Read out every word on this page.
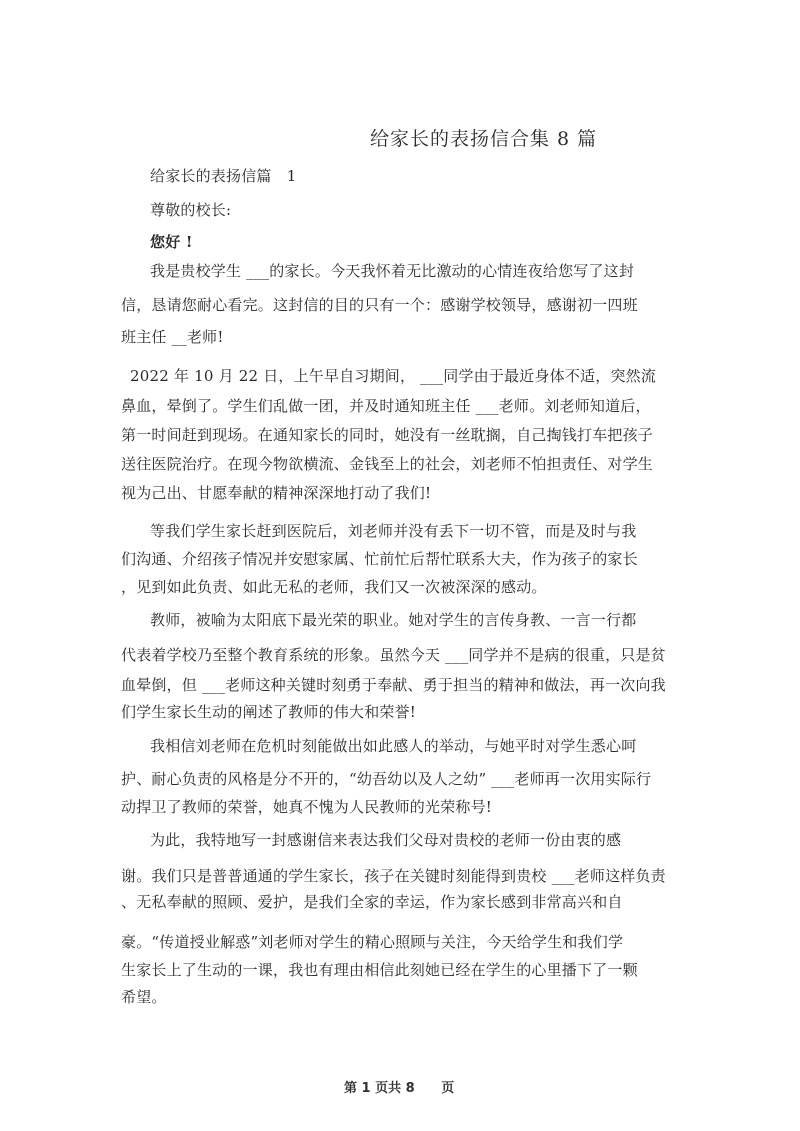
给家长的表扬信合集 8 篇
给家长的表扬信篇　1
尊敬的校长:
您好 !
我是贵校学生 ___的家长。今天我怀着无比激动的心情连夜给您写了这封
信，恳请您耐心看完。这封信的目的只有一个：感谢学校领导，感谢初一四班
班主任 __老师!
2022 年 10 月 22 日，上午早自习期间， ___同学由于最近身体不适，突然流
鼻血，晕倒了。学生们乱做一团，并及时通知班主任 ___老师。刘老师知道后，
第一时间赶到现场。在通知家长的同时，她没有一丝耽搁，自己掏钱打车把孩子
送往医院治疗。在现今物欲横流、金钱至上的社会，刘老师不怕担责任、对学生
视为己出、甘愿奉献的精神深深地打动了我们!
等我们学生家长赶到医院后，刘老师并没有丢下一切不管，而是及时与我
们沟通、介绍孩子情况并安慰家属、忙前忙后帮忙联系大夫，作为孩子的家长
，见到如此负责、如此无私的老师，我们又一次被深深的感动。
教师，被喻为太阳底下最光荣的职业。她对学生的言传身教、一言一行都
代表着学校乃至整个教育系统的形象。虽然今天 ___同学并不是病的很重，只是贫
血晕倒，但 ___老师这种关键时刻勇于奉献、勇于担当的精神和做法，再一次向我
们学生家长生动的阐述了教师的伟大和荣誉!
我相信刘老师在危机时刻能做出如此感人的举动，与她平时对学生悉心呵
护、耐心负责的风格是分不开的，“幼吾幼以及人之幼” ___老师再一次用实际行
动捍卫了教师的荣誉，她真不愧为人民教师的光荣称号!
为此，我特地写一封感谢信来表达我们父母对贵校的老师一份由衷的感
谢。我们只是普普通通的学生家长，孩子在关键时刻能得到贵校 ___老师这样负责
、无私奉献的照顾、爱护，是我们全家的幸运，作为家长感到非常高兴和自
豪。“传道授业解惑”刘老师对学生的精心照顾与关注，今天给学生和我们学
生家长上了生动的一课，我也有理由相信此刻她已经在学生的心里播下了一颗
希望。
第 1 页共 8 页
